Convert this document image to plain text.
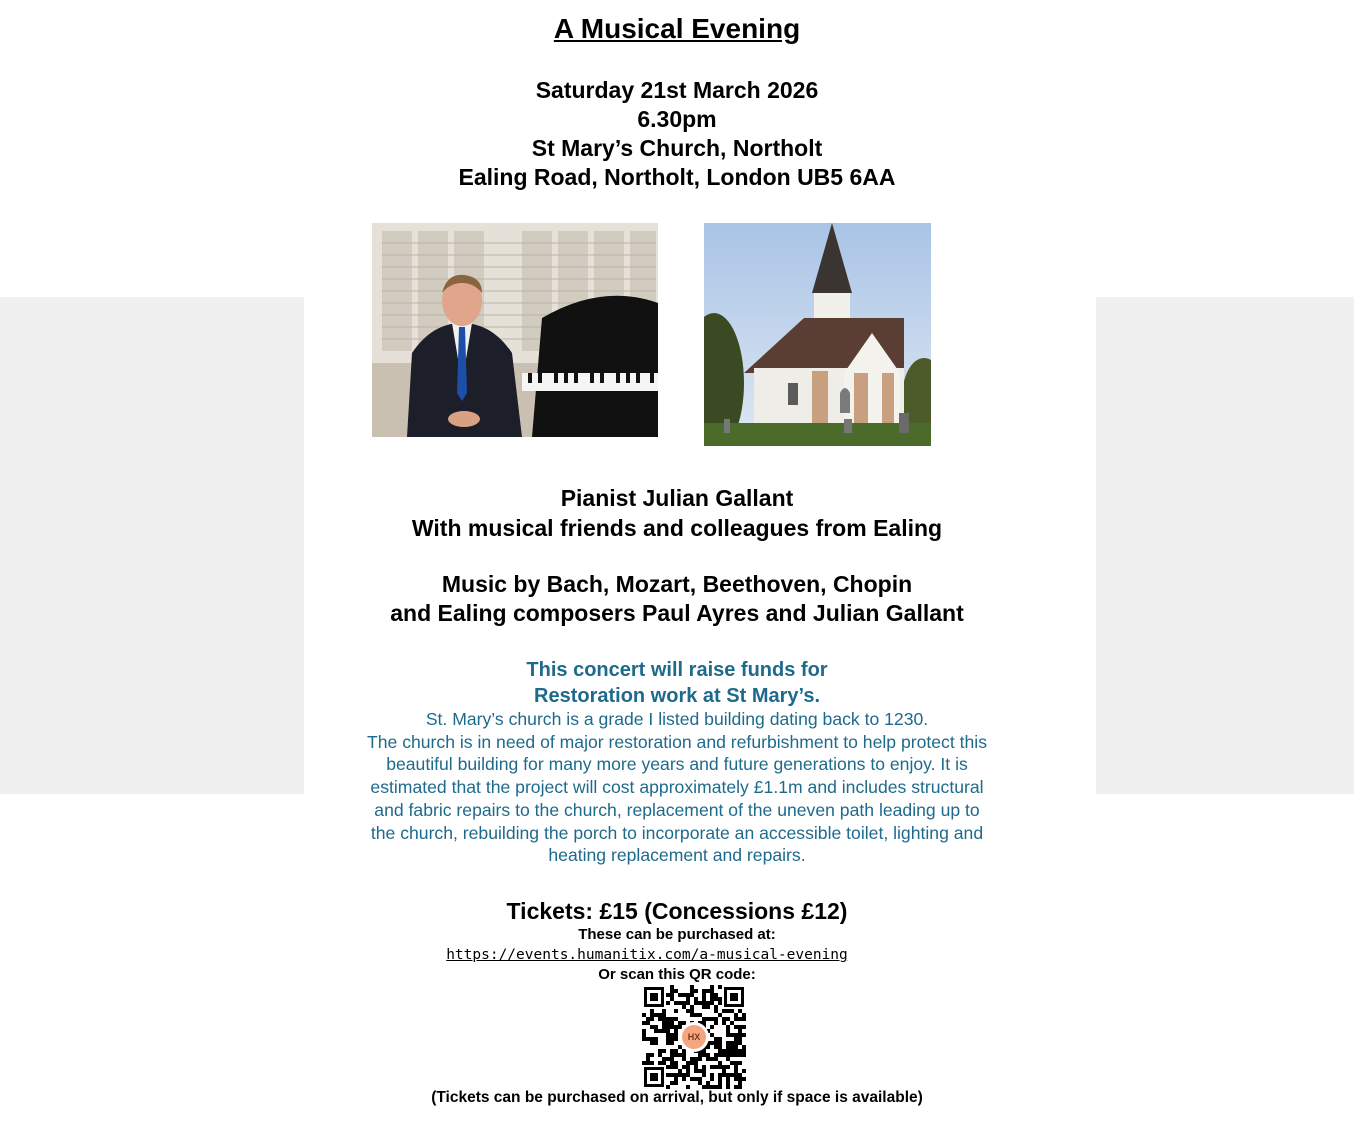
A Musical Evening
Saturday 21st March 2026
6.30pm
St Mary’s Church, Northolt
Ealing Road, Northolt, London UB5 6AA
Pianist Julian Gallant
With musical friends and colleagues from Ealing
Music by Bach, Mozart, Beethoven, Chopin
and Ealing composers Paul Ayres and Julian Gallant
This concert will raise funds for
Restoration work at St Mary’s.
St. Mary’s church is a grade I listed building dating back to 1230.
The church is in need of major restoration and refurbishment to help protect this
beautiful building for many more years and future generations to enjoy. It is
estimated that the project will cost approximately £1.1m and includes structural
and fabric repairs to the church, replacement of the uneven path leading up to
the church, rebuilding the porch to incorporate an accessible toilet, lighting and
heating replacement and repairs.
Tickets: £15 (Concessions £12)
These can be purchased at:
https://events.humanitix.com/a-musical-evening
Or scan this QR code:
HX
(Tickets can be purchased on arrival, but only if space is available)
